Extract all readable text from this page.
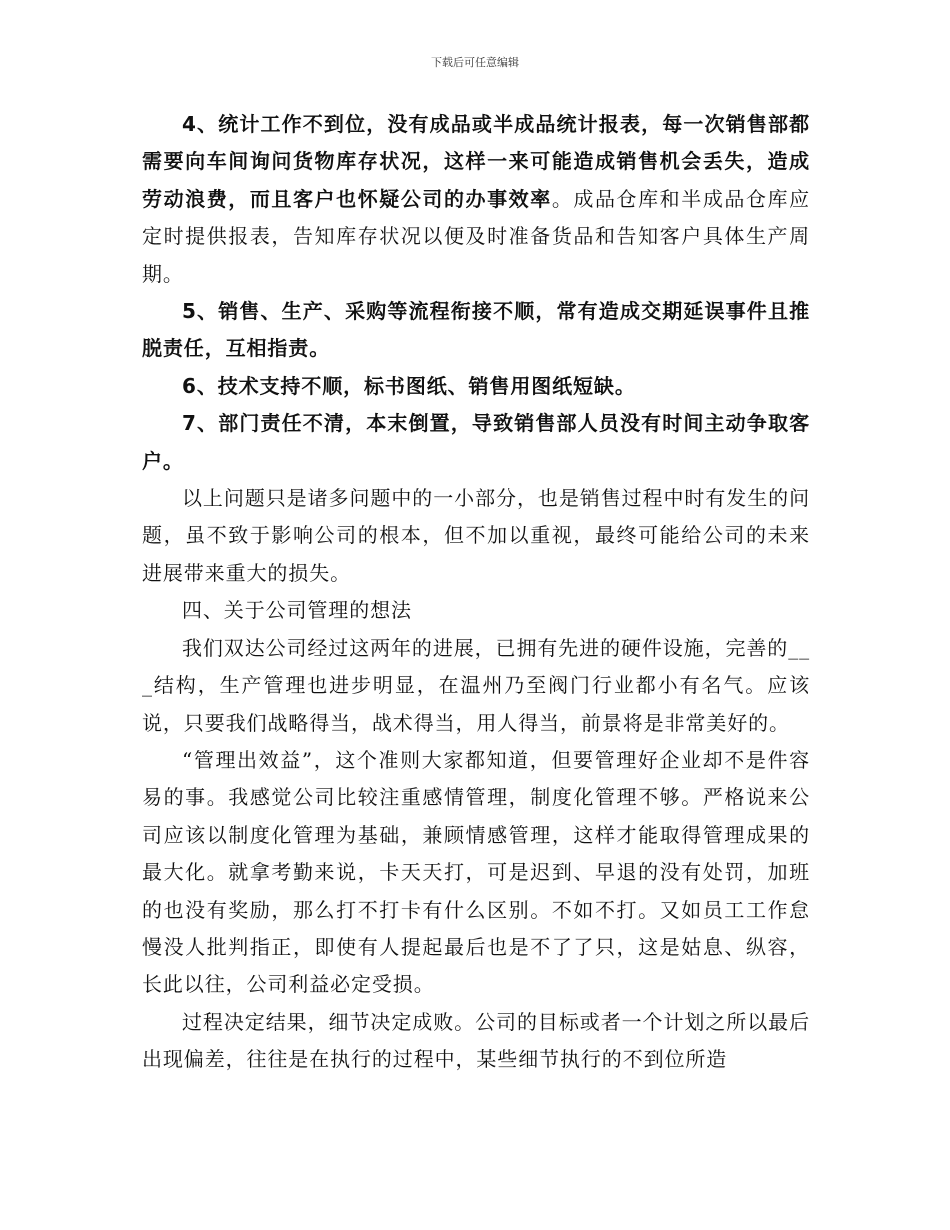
下载后可任意编辑

4、统计工作不到位，没有成品或半成品统计报表，每一次销售部都需要向车间询问货物库存状况，这样一来可能造成销售机会丢失，造成劳动浪费，而且客户也怀疑公司的办事效率。成品仓库和半成品仓库应定时提供报表，告知库存状况以便及时准备货品和告知客户具体生产周期。

5、销售、生产、采购等流程衔接不顺，常有造成交期延误事件且推脱责任，互相指责。

6、技术支持不顺，标书图纸、销售用图纸短缺。

7、部门责任不清，本末倒置，导致销售部人员没有时间主动争取客户。

以上问题只是诸多问题中的一小部分，也是销售过程中时有发生的问题，虽不致于影响公司的根本，但不加以重视，最终可能给公司的未来进展带来重大的损失。

四、关于公司管理的想法

我们双达公司经过这两年的进展，已拥有先进的硬件设施，完善的___结构，生产管理也进步明显，在温州乃至阀门行业都小有名气。应该说，只要我们战略得当，战术得当，用人得当，前景将是非常美好的。

“管理出效益”，这个准则大家都知道，但要管理好企业却不是件容易的事。我感觉公司比较注重感情管理，制度化管理不够。严格说来公司应该以制度化管理为基础，兼顾情感管理，这样才能取得管理成果的最大化。就拿考勤来说，卡天天打，可是迟到、早退的没有处罚，加班的也没有奖励，那么打不打卡有什么区别。不如不打。又如员工工作怠慢没人批判指正，即使有人提起最后也是不了了只，这是姑息、纵容，长此以往，公司利益必定受损。

过程决定结果，细节决定成败。公司的目标或者一个计划之所以最后出现偏差，往往是在执行的过程中，某些细节执行的不到位所造
